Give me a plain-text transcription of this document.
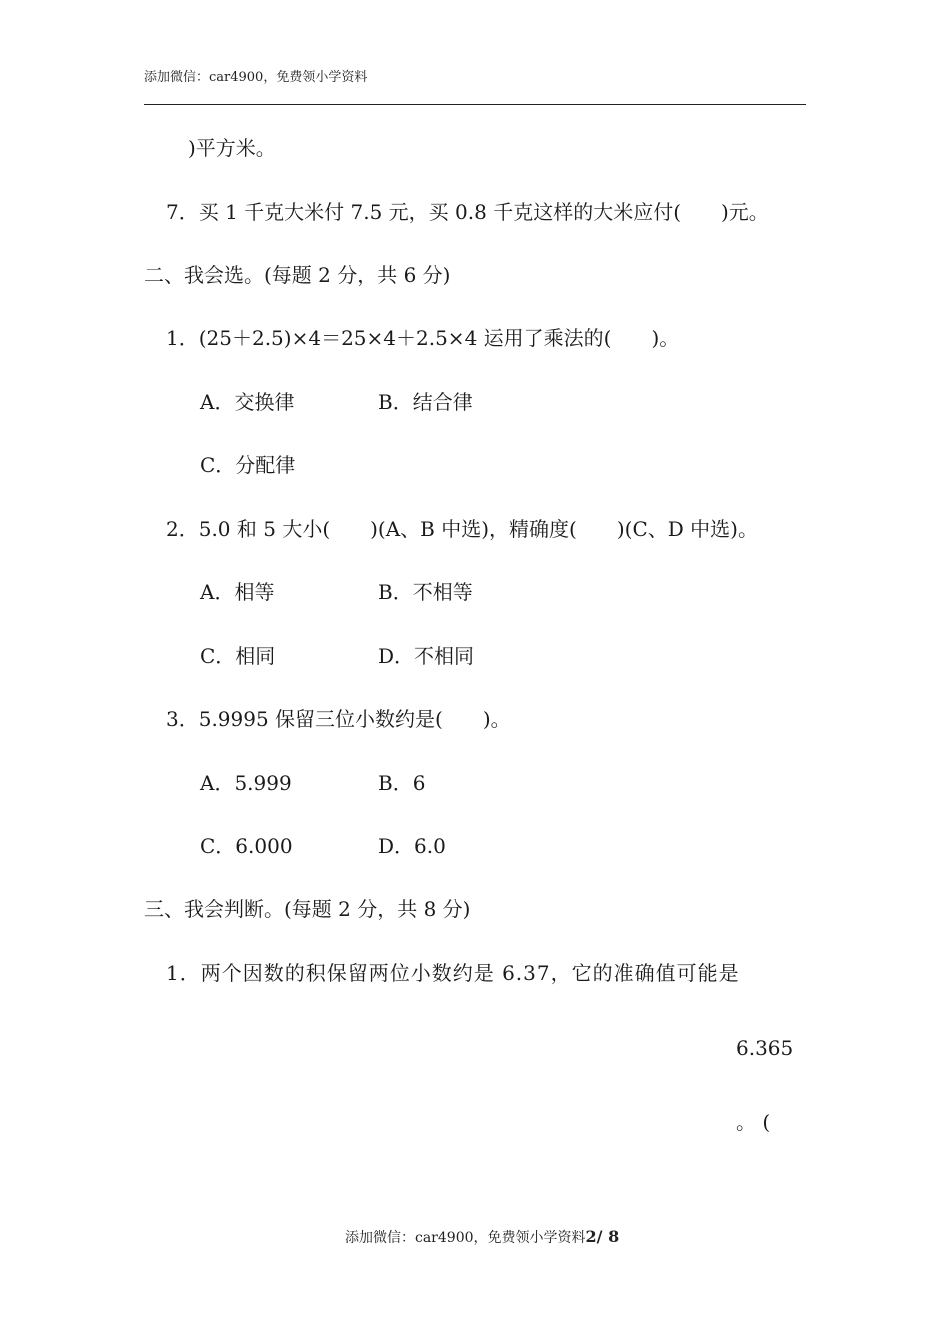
添加微信：car4900，免费领小学资料
)平方米。
7．买 1 千克大米付 7.5 元，买 0.8 千克这样的大米应付(　　)元。
二、我会选。(每题 2 分，共 6 分)
1．(25＋2.5)×4＝25×4＋2.5×4 运用了乘法的(　　)。
A．交换律	B．结合律
C．分配律
2．5.0 和 5 大小(　　)(A、B 中选)，精确度(　　)(C、D 中选)。
A．相等	B．不相等
C．相同	D．不相同
3．5.9995 保留三位小数约是(　　)。
A．5.999	B．6
C．6.000	D．6.0
三、我会判断。(每题 2 分，共 8 分)
1．两个因数的积保留两位小数约是 6.37，它的准确值可能是
6.365
。 (
添加微信：car4900，免费领小学资料2/ 8
